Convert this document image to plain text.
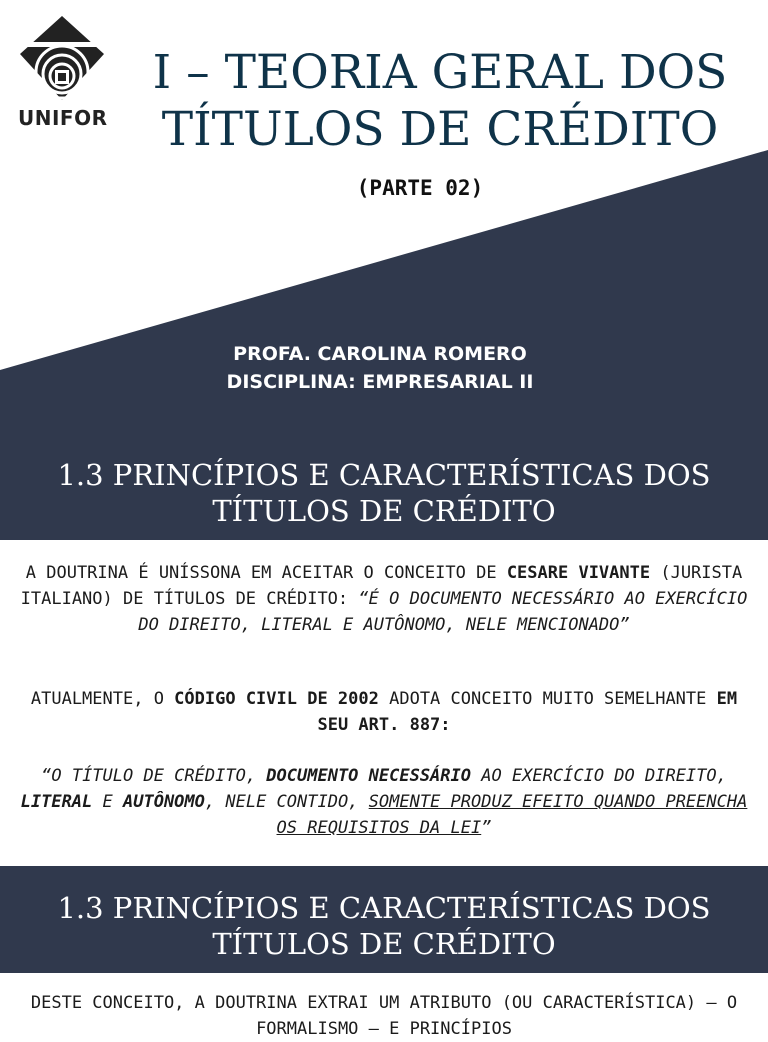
UNIFOR
I – TEORIA GERAL DOS
TÍTULOS DE CRÉDITO
(PARTE 02)
PROFA. CAROLINA ROMERO
DISCIPLINA: EMPRESARIAL II
1.3 PRINCÍPIOS E CARACTERÍSTICAS DOS
TÍTULOS DE CRÉDITO

A DOUTRINA É UNÍSSONA EM ACEITAR O CONCEITO DE CESARE VIVANTE (JURISTA ITALIANO) DE TÍTULOS DE CRÉDITO: “É O DOCUMENTO NECESSÁRIO AO EXERCÍCIO DO DIREITO, LITERAL E AUTÔNOMO, NELE MENCIONADO”

ATUALMENTE, O CÓDIGO CIVIL DE 2002 ADOTA CONCEITO MUITO SEMELHANTE EM SEU ART. 887:

“O TÍTULO DE CRÉDITO, DOCUMENTO NECESSÁRIO AO EXERCÍCIO DO DIREITO, LITERAL E AUTÔNOMO, NELE CONTIDO, SOMENTE PRODUZ EFEITO QUANDO PREENCHA OS REQUISITOS DA LEI”

1.3 PRINCÍPIOS E CARACTERÍSTICAS DOS
TÍTULOS DE CRÉDITO

DESTE CONCEITO, A DOUTRINA EXTRAI UM ATRIBUTO (OU CARACTERÍSTICA) – O FORMALISMO – E PRINCÍPIOS
